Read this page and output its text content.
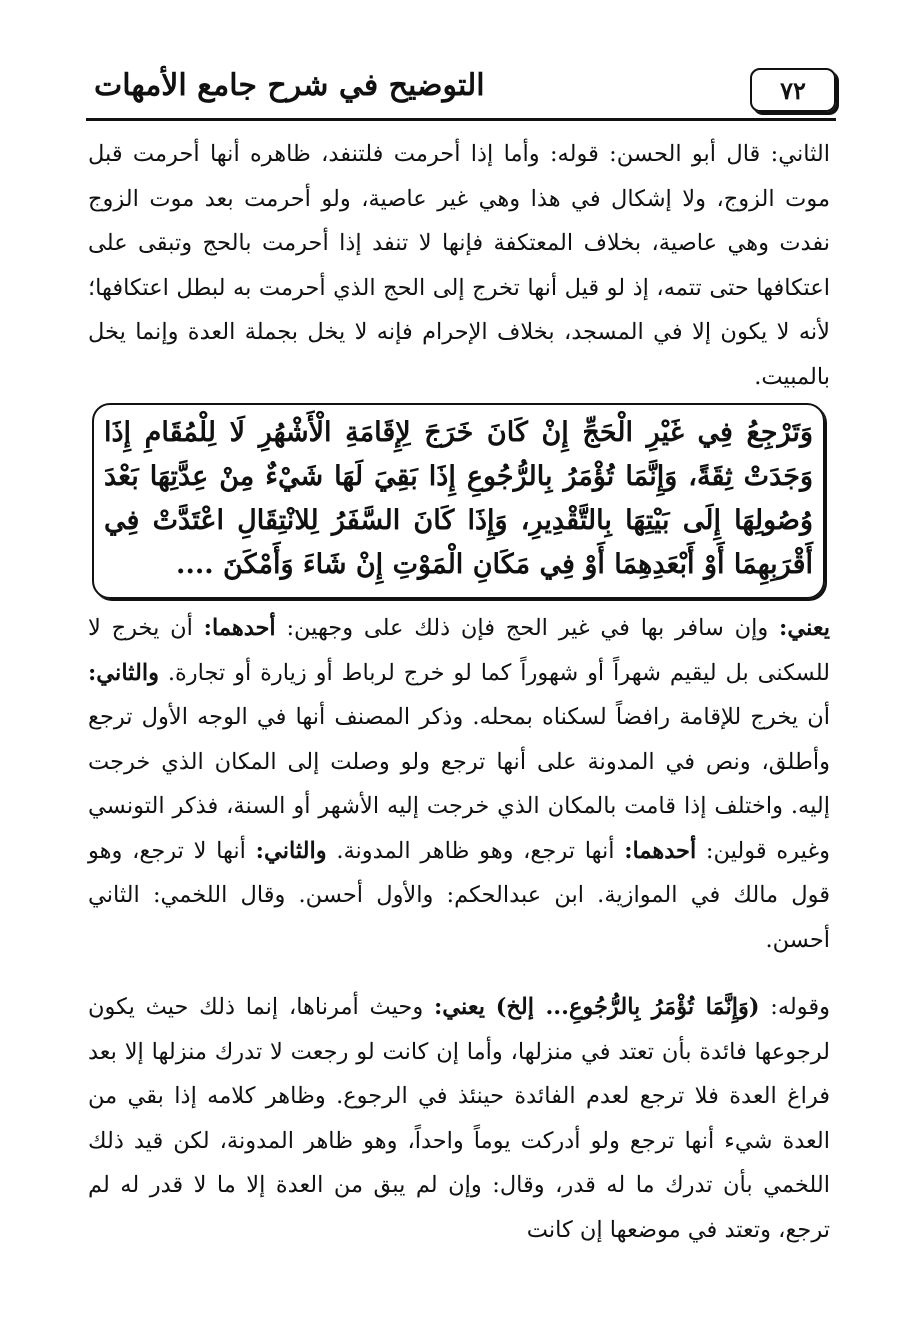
التوضيح في شرح جامع الأمهات	٧٢
الثاني: قال أبو الحسن: قوله: وأما إذا أحرمت فلتنفد، ظاهره أنها أحرمت قبل موت الزوج، ولا إشكال في هذا وهي غير عاصية، ولو أحرمت بعد موت الزوج نفدت وهي عاصية، بخلاف المعتكفة فإنها لا تنفد إذا أحرمت بالحج وتبقى على اعتكافها حتى تتمه، إذ لو قيل أنها تخرج إلى الحج الذي أحرمت به لبطل اعتكافها؛ لأنه لا يكون إلا في المسجد، بخلاف الإحرام فإنه لا يخل بجملة العدة وإنما يخل بالمبيت.
وَتَرْجِعُ فِي غَيْرِ الْحَجِّ إِنْ كَانَ خَرَجَ لِإِقَامَةِ الْأَشْهُرِ لَا لِلْمُقَامِ إِذَا وَجَدَتْ ثِقَةً، وَإِنَّمَا تُؤْمَرُ بِالرُّجُوعِ إِذَا بَقِيَ لَهَا شَيْءٌ مِنْ عِدَّتِهَا بَعْدَ وُصُولِهَا إِلَى بَيْتِهَا بِالتَّقْدِيرِ، وَإِذَا كَانَ السَّفَرُ لِلانْتِقَالِ اعْتَدَّتْ فِي أَقْرَبِهِمَا أَوْ أَبْعَدِهِمَا أَوْ فِي مَكَانِ الْمَوْتِ إِنْ شَاءَ وَأَمْكَنَ ....
يعني: وإن سافر بها في غير الحج فإن ذلك على وجهين: أحدهما: أن يخرج لا للسكنى بل ليقيم شهراً أو شهوراً كما لو خرج لرباط أو زيارة أو تجارة. والثاني: أن يخرج للإقامة رافضاً لسكناه بمحله. وذكر المصنف أنها في الوجه الأول ترجع وأطلق، ونص في المدونة على أنها ترجع ولو وصلت إلى المكان الذي خرجت إليه. واختلف إذا قامت بالمكان الذي خرجت إليه الأشهر أو السنة، فذكر التونسي وغيره قولين: أحدهما: أنها ترجع، وهو ظاهر المدونة. والثاني: أنها لا ترجع، وهو قول مالك في الموازية. ابن عبدالحكم: والأول أحسن. وقال اللخمي: الثاني أحسن.
وقوله: (وَإِنَّمَا تُؤْمَرُ بِالرُّجُوعِ... إلخ) يعني: وحيث أمرناها، إنما ذلك حيث يكون لرجوعها فائدة بأن تعتد في منزلها، وأما إن كانت لو رجعت لا تدرك منزلها إلا بعد فراغ العدة فلا ترجع لعدم الفائدة حينئذ في الرجوع. وظاهر كلامه إذا بقي من العدة شيء أنها ترجع ولو أدركت يوماً واحداً، وهو ظاهر المدونة، لكن قيد ذلك اللخمي بأن تدرك ما له قدر، وقال: وإن لم يبق من العدة إلا ما لا قدر له لم ترجع، وتعتد في موضعها إن كانت
